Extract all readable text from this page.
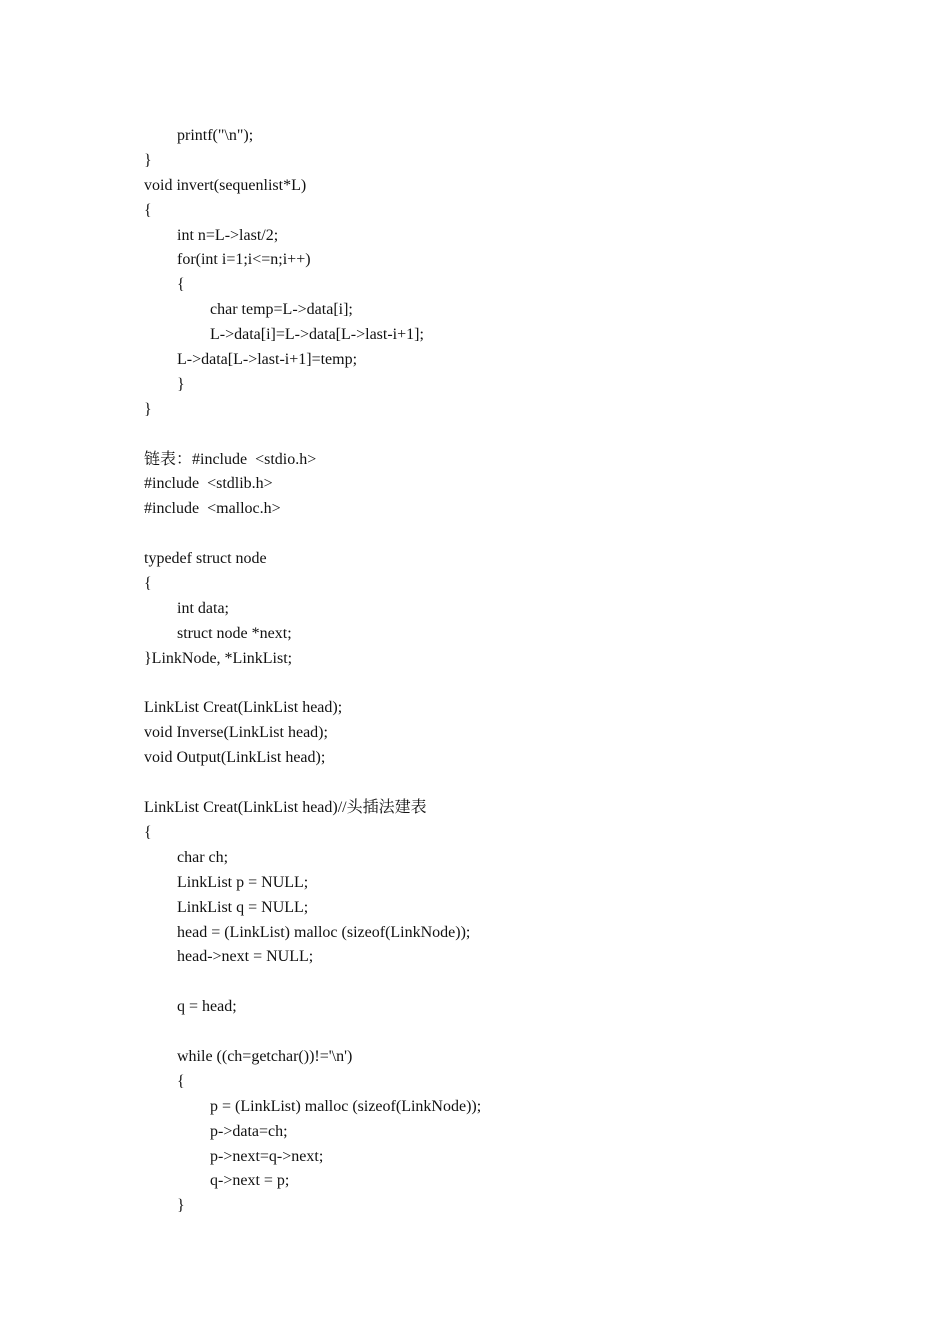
printf("\n");
}
void invert(sequenlist*L)
{
int n=L->last/2;
for(int i=1;i<=n;i++)
{
char temp=L->data[i];
L->data[i]=L->data[L->last-i+1];
L->data[L->last-i+1]=temp;
}
}
链表：#include  <stdio.h>
#include  <stdlib.h>
#include  <malloc.h>
typedef struct node
{
int data;
struct node *next;
}LinkNode, *LinkList;
LinkList Creat(LinkList head);
void Inverse(LinkList head);
void Output(LinkList head);
LinkList Creat(LinkList head)//头插法建表
{
char ch;
LinkList p = NULL;
LinkList q = NULL;
head = (LinkList) malloc (sizeof(LinkNode));
head->next = NULL;
q = head;
while ((ch=getchar())!='\n')
{
p = (LinkList) malloc (sizeof(LinkNode));
p->data=ch;
p->next=q->next;
q->next = p;
}
